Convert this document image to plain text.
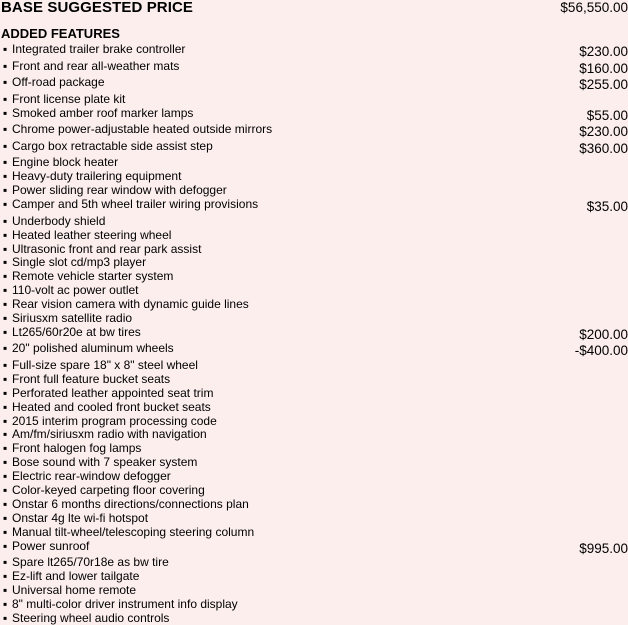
BASE SUGGESTED PRICE	$56,550.00
ADDED FEATURES
▪ Integrated trailer brake controller	$230.00
▪ Front and rear all-weather mats	$160.00
▪ Off-road package	$255.00
▪ Front license plate kit
▪ Smoked amber roof marker lamps	$55.00
▪ Chrome power-adjustable heated outside mirrors	$230.00
▪ Cargo box retractable side assist step	$360.00
▪ Engine block heater
▪ Heavy-duty trailering equipment
▪ Power sliding rear window with defogger
▪ Camper and 5th wheel trailer wiring provisions	$35.00
▪ Underbody shield
▪ Heated leather steering wheel
▪ Ultrasonic front and rear park assist
▪ Single slot cd/mp3 player
▪ Remote vehicle starter system
▪ 110-volt ac power outlet
▪ Rear vision camera with dynamic guide lines
▪ Siriusxm satellite radio
▪ Lt265/60r20e at bw tires	$200.00
▪ 20" polished aluminum wheels	-$400.00
▪ Full-size spare 18" x 8" steel wheel
▪ Front full feature bucket seats
▪ Perforated leather appointed seat trim
▪ Heated and cooled front bucket seats
▪ 2015 interim program processing code
▪ Am/fm/siriusxm radio with navigation
▪ Front halogen fog lamps
▪ Bose sound with 7 speaker system
▪ Electric rear-window defogger
▪ Color-keyed carpeting floor covering
▪ Onstar 6 months directions/connections plan
▪ Onstar 4g lte wi-fi hotspot
▪ Manual tilt-wheel/telescoping steering column
▪ Power sunroof	$995.00
▪ Spare lt265/70r18e as bw tire
▪ Ez-lift and lower tailgate
▪ Universal home remote
▪ 8" multi-color driver instrument info display
▪ Steering wheel audio controls
